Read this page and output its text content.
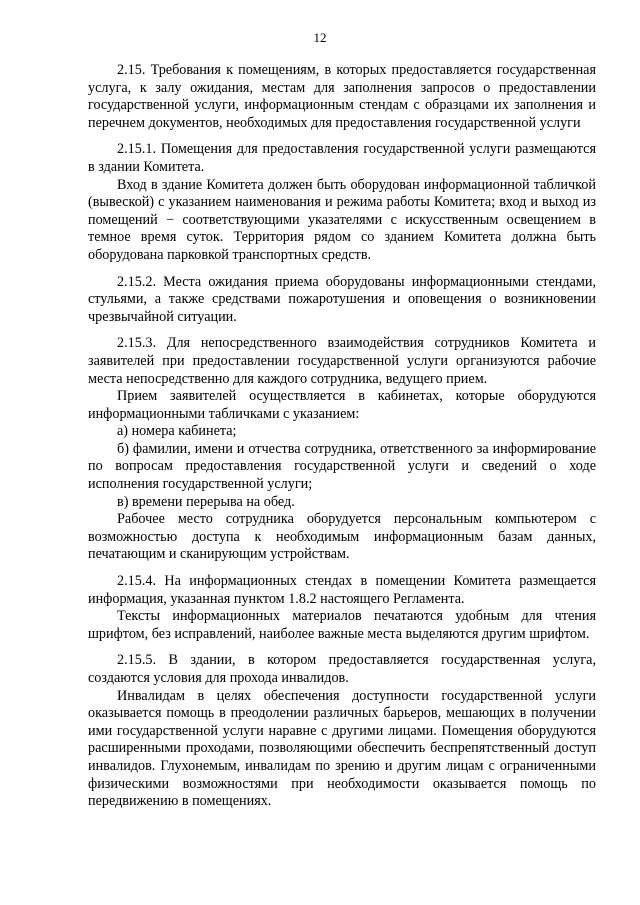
12

2.15. Требования к помещениям, в которых предоставляется государственная услуга, к залу ожидания, местам для заполнения запросов о предоставлении государственной услуги, информационным стендам с образцами их заполнения и перечнем документов, необходимых для предоставления государственной услуги

2.15.1. Помещения для предоставления государственной услуги размещаются в здании Комитета.

Вход в здание Комитета должен быть оборудован информационной табличкой (вывеской) с указанием наименования и режима работы Комитета; вход и выход из помещений − соответствующими указателями с искусственным освещением в темное время суток. Территория рядом со зданием Комитета должна быть оборудована парковкой транспортных средств.

2.15.2. Места ожидания приема оборудованы информационными стендами, стульями, а также средствами пожаротушения и оповещения о возникновении чрезвычайной ситуации.

2.15.3. Для непосредственного взаимодействия сотрудников Комитета и заявителей при предоставлении государственной услуги организуются рабочие места непосредственно для каждого сотрудника, ведущего прием.

Прием заявителей осуществляется в кабинетах, которые оборудуются информационными табличками с указанием:

а) номера кабинета;

б) фамилии, имени и отчества сотрудника, ответственного за информирование по вопросам предоставления государственной услуги и сведений о ходе исполнения государственной услуги;

в) времени перерыва на обед.

Рабочее место сотрудника оборудуется персональным компьютером с возможностью доступа к необходимым информационным базам данных, печатающим и сканирующим устройствам.

2.15.4. На информационных стендах в помещении Комитета размещается информация, указанная пунктом 1.8.2 настоящего Регламента.

Тексты информационных материалов печатаются удобным для чтения шрифтом, без исправлений, наиболее важные места выделяются другим шрифтом.

2.15.5. В здании, в котором предоставляется государственная услуга, создаются условия для прохода инвалидов.

Инвалидам в целях обеспечения доступности государственной услуги оказывается помощь в преодолении различных барьеров, мешающих в получении ими государственной услуги наравне с другими лицами. Помещения оборудуются расширенными проходами, позволяющими обеспечить беспрепятственный доступ инвалидов. Глухонемым, инвалидам по зрению и другим лицам с ограниченными физическими возможностями при необходимости оказывается помощь по передвижению в помещениях.
